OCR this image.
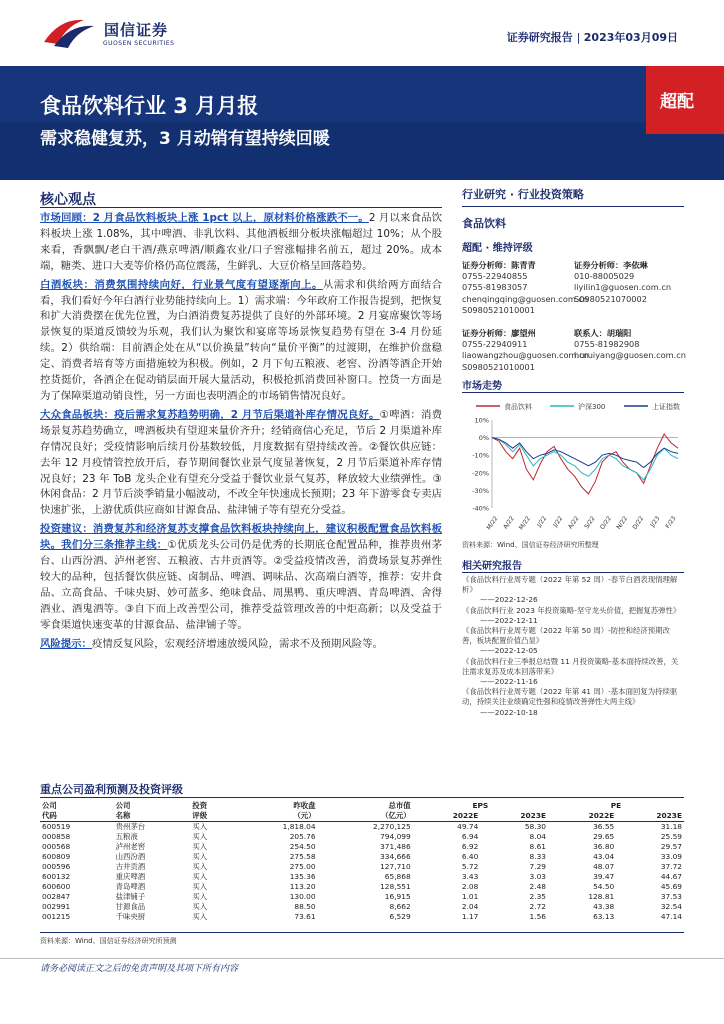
国信证券
GUOSEN SECURITIES	证券研究报告 | 2023年03月09日
食品饮料行业 3 月月报
需求稳健复苏，3 月动销有望持续回暖
超配
核心观点

市场回顾：2 月食品饮料板块上涨 1pct 以上，原材料价格涨跌不一。2 月以来食品饮料板块上涨 1.08%，其中啤酒、非乳饮料、其他酒板细分板块涨幅超过 10%；从个股来看，香飘飘/老白干酒/燕京啤酒/顺鑫农业/口子窖涨幅排名前五，超过 20%。成本端，糖类、进口大麦等价格仍高位震荡，生鲜乳、大豆价格呈回落趋势。

白酒板块：消费氛围持续向好，行业景气度有望逐渐向上。从需求和供给两方面结合看，我们看好今年白酒行业势能持续向上。1）需求端：今年政府工作报告提到，把恢复和扩大消费摆在优先位置，为白酒消费复苏提供了良好的外部环境。2 月宴席聚饮等场景恢复的渠道反馈较为乐观，我们认为聚饮和宴席等场景恢复趋势有望在 3-4 月份延续。2）供给端：目前酒企处在从“以价换量”转向“量价平衡”的过渡期，在维护价盘稳定、消费者培育等方面措施较为积极。例如，2 月下旬五粮液、老窖、汾酒等酒企开始控货挺价，各酒企在促动销层面开展大量活动，积极抢抓消费回补窗口。控货一方面是为了保障渠道动销良性，另一方面也表明酒企的市场销售情况良好。

大众食品板块：疫后需求复苏趋势明确，2 月节后渠道补库存情况良好。①啤酒：消费场景复苏趋势确立，啤酒板块有望迎来量价齐升；经销商信心充足，节后 2 月渠道补库存情况良好；受疫情影响后续月份基数较低，月度数据有望持续改善。②餐饮供应链：去年 12 月疫情管控放开后，春节期间餐饮业景气度显著恢复，2 月节后渠道补库存情况良好；23 年 ToB 龙头企业有望充分受益于餐饮业景气复苏，释放较大业绩弹性。③休闲食品：2 月节后淡季销量小幅波动，不改全年快速成长预期；23 年下游零食专卖店快速扩张，上游优质供应商如甘源食品、盐津铺子等有望充分受益。

投资建议：消费复苏和经济复苏支撑食品饮料板块持续向上，建议积极配置食品饮料板块。我们分三条推荐主线：①优质龙头公司仍是优秀的长期底仓配置品种，推荐贵州茅台、山西汾酒、泸州老窖、五粮液、古井贡酒等。②受益疫情改善，消费场景复苏弹性较大的品种，包括餐饮供应链、卤制品、啤酒、调味品、次高端白酒等，推荐：安井食品、立高食品、千味央厨、妙可蓝多、绝味食品、周黑鸭、重庆啤酒、青岛啤酒、舍得酒业、酒鬼酒等。③自下而上改善型公司，推荐受益管理改善的中炬高新；以及受益于零食渠道快速变革的甘源食品、盐津铺子等。

风险提示：疫情反复风险，宏观经济增速放缓风险，需求不及预期风险等。

行业研究 · 行业投资策略
食品饮料
超配 · 维持评级
证券分析师：陈青青
0755-22940855
0755-81983057
chenqingqing@guosen.com.cn
S0980521010001
证券分析师：李依琳
010-88005029
liyilin1@guosen.com.cn
S0980521070002
证券分析师：廖望州
0755-22940911
liaowangzhou@guosen.com.cn
S0980521010001
联系人：胡瑞阳
0755-81982908
huruiyang@guosen.com.cn
市场走势
食品饮料	沪深300	上证指数
10%
0%
-10%
-20%
-30%
-40%
M/22 A/22 M/22 J/22 J/22 A/22 S/22 O/22 N/22 D/22 J/23 F/23
资料来源：Wind、国信证券经济研究所整理
相关研究报告
《食品饮料行业周专题（2022 年第 52 周）-春节白酒表现情理解析》
——2022-12-26
《食品饮料行业 2023 年投资策略-坚守龙头价值，把握复苏弹性》
——2022-12-11
《食品饮料行业周专题（2022 年第 50 周）-防控和经济预期改善，板块配置价值凸显》
——2022-12-05
《食品饮料行业三季报总结暨 11 月投资策略-基本面持续改善，关注需求复苏及成本回落带来》
——2022-11-16
《食品饮料行业周专题（2022 年第 41 周）-基本面回复为持续驱动，持续关注业绩确定性强和疫情改善弹性大两主线》
——2022-10-18
重点公司盈利预测及投资评级
公司	公司	投资	昨收盘	总市值	EPS		PE	
代码	名称	评级	（元）	（亿元）	2022E	2023E	2022E	2023E
600519	贵州茅台	买入	1,818.04	2,270,125	49.74	58.30	36.55	31.18
000858	五粮液	买入	205.76	794,099	6.94	8.04	29.65	25.59
000568	泸州老窖	买入	254.50	371,486	6.92	8.61	36.80	29.57
600809	山西汾酒	买入	275.58	334,666	6.40	8.33	43.04	33.09
000596	古井贡酒	买入	275.00	127,710	5.72	7.29	48.07	37.72
600132	重庆啤酒	买入	135.36	65,868	3.43	3.03	39.47	44.67
600600	青岛啤酒	买入	113.20	128,551	2.08	2.48	54.50	45.69
002847	盐津铺子	买入	130.00	16,915	1.01	2.35	128.81	37.53
002991	甘源食品	买入	88.50	8,662	2.04	2.72	43.38	32.54
001215	千味央厨	买入	73.61	6,529	1.17	1.56	63.13	47.14
资料来源：Wind、国信证券经济研究所预测
请务必阅读正文之后的免责声明及其项下所有内容
